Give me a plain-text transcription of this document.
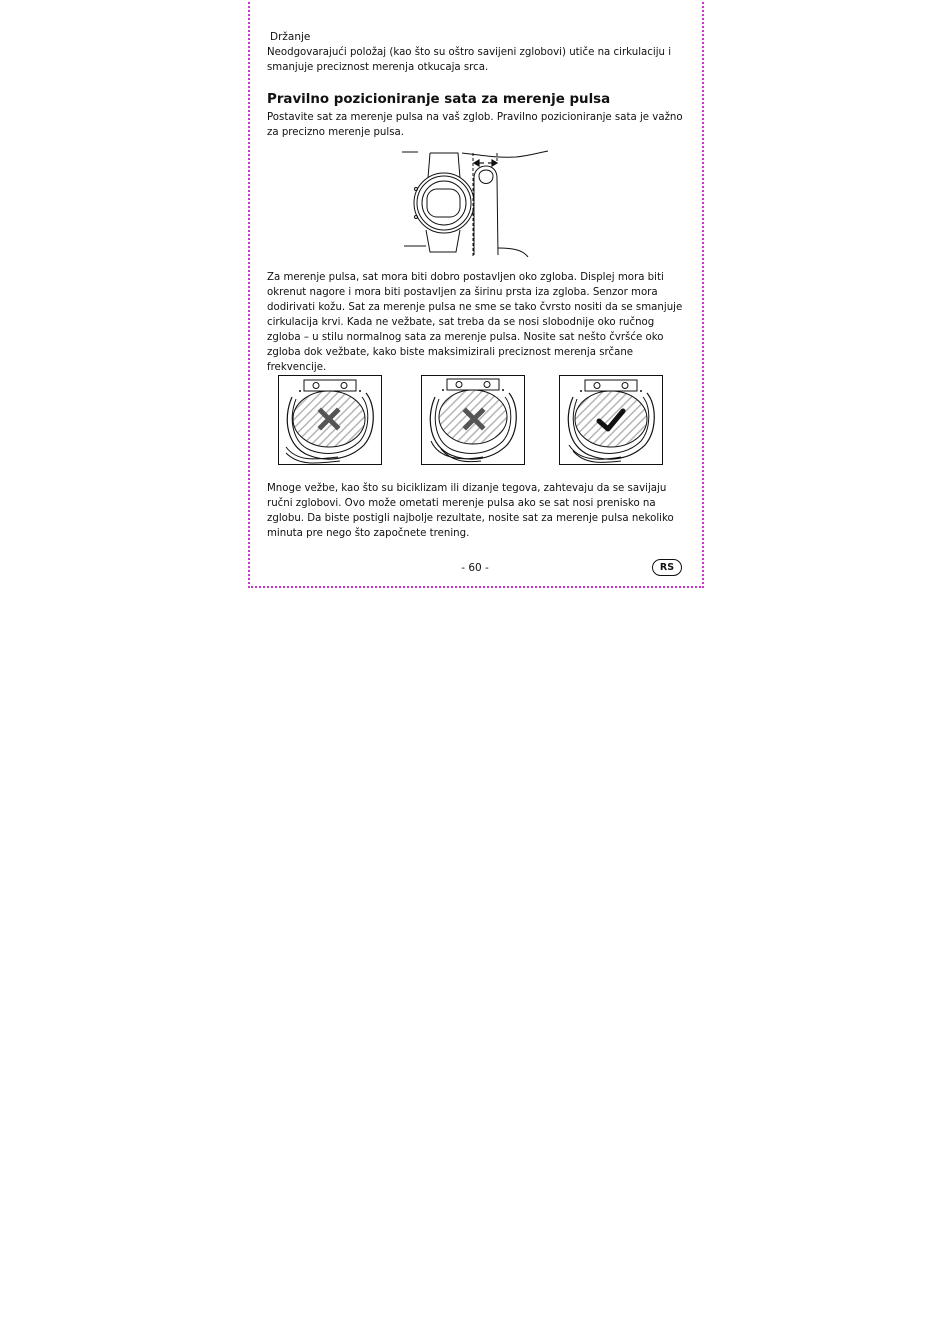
Držanje
Neodgovarajući položaj (kao što su oštro savijeni zglobovi) utiče na cirkulaciju i smanjuje preciznost merenja otkucaja srca.
Pravilno pozicioniranje sata za merenje pulsa
Postavite sat za merenje pulsa na vaš zglob. Pravilno pozicioniranje sata je važno za precizno merenje pulsa.
Za merenje pulsa, sat mora biti dobro postavljen oko zgloba. Displej mora biti okrenut nagore i mora biti postavljen za širinu prsta iza zgloba. Senzor mora dodirivati kožu. Sat za merenje pulsa ne sme se tako čvrsto nositi da se smanjuje cirkulacija krvi. Kada ne vežbate, sat treba da se nosi slobodnije oko ručnog zgloba – u stilu normalnog sata za merenje pulsa. Nosite sat nešto čvršće oko zgloba dok vežbate, kako biste maksimizirali preciznost merenja srčane frekvencije.
Mnoge vežbe, kao što su biciklizam ili dizanje tegova, zahtevaju da se savijaju ručni zglobovi. Ovo može ometati merenje pulsa ako se sat nosi prenisko na zglobu. Da biste postigli najbolje rezultate, nosite sat za merenje pulsa nekoliko minuta pre nego što započnete trening.
- 60 -	RS
